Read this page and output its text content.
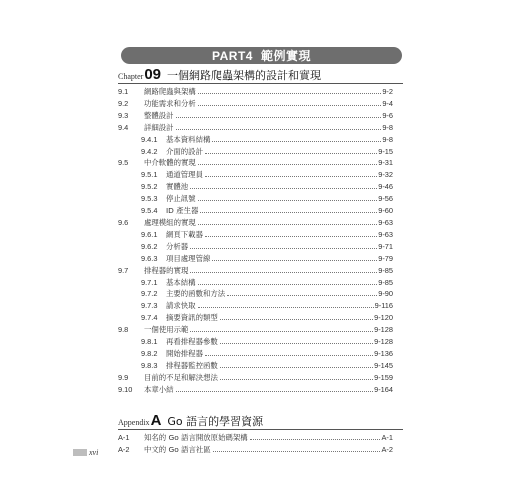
PART4 範例實現
Chapter 09 一個網路爬蟲架構的設計和實現
9.1	網路爬蟲與架構	9-2
9.2	功能需求和分析	9-4
9.3	整體設計	9-6
9.4	詳細設計	9-8
9.4.1	基本資料結構	9-8
9.4.2	介面的設計	9-15
9.5	中介軟體的實現	9-31
9.5.1	通道管理員	9-32
9.5.2	實體池	9-46
9.5.3	停止訊號	9-56
9.5.4	ID 產生器	9-60
9.6	處理模組的實現	9-63
9.6.1	網頁下載器	9-63
9.6.2	分析器	9-71
9.6.3	項目處理管線	9-79
9.7	排程器的實現	9-85
9.7.1	基本結構	9-85
9.7.2	主要的函數和方法	9-90
9.7.3	請求快取	9-116
9.7.4	摘要資訊的類型	9-120
9.8	一個使用示範	9-128
9.8.1	再看排程器參數	9-128
9.8.2	開始排程器	9-136
9.8.3	排程器監控函數	9-145
9.9	目前的不足和解決想法	9-159
9.10	本章小結	9-164
Appendix A Go 語言的學習資源
A-1	知名的 Go 語言開放原始碼架構	A-1
A-2	中文的 Go 語言社區	A-2
xvi
